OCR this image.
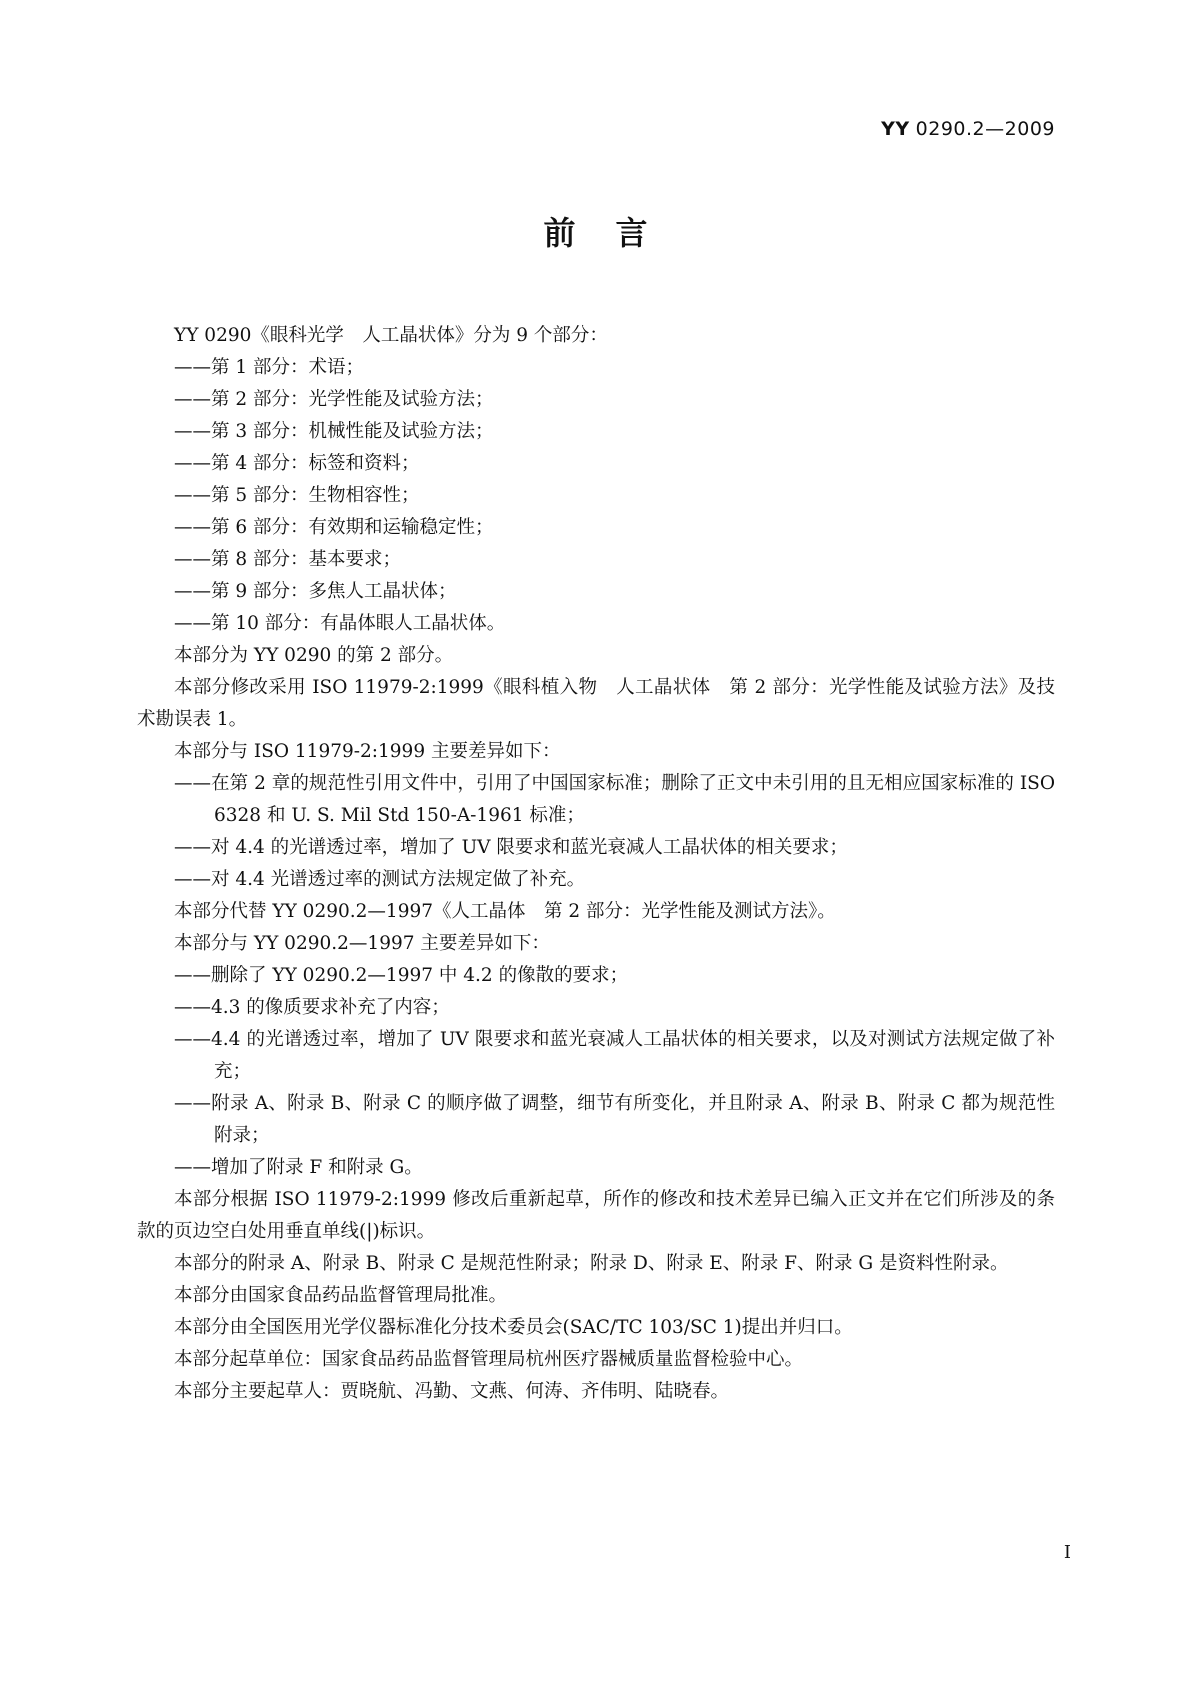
YY 0290.2—2009
前言
YY 0290《眼科光学　人工晶状体》分为 9 个部分：
——第 1 部分：术语；
——第 2 部分：光学性能及试验方法；
——第 3 部分：机械性能及试验方法；
——第 4 部分：标签和资料；
——第 5 部分：生物相容性；
——第 6 部分：有效期和运输稳定性；
——第 8 部分：基本要求；
——第 9 部分：多焦人工晶状体；
——第 10 部分：有晶体眼人工晶状体。
本部分为 YY 0290 的第 2 部分。
本部分修改采用 ISO 11979-2:1999《眼科植入物　人工晶状体　第 2 部分：光学性能及试验方法》及技术勘误表 1。
本部分与 ISO 11979-2:1999 主要差异如下：
——在第 2 章的规范性引用文件中，引用了中国国家标准；删除了正文中未引用的且无相应国家标准的 ISO 6328 和 U. S. Mil Std 150-A-1961 标准；
——对 4.4 的光谱透过率，增加了 UV 限要求和蓝光衰减人工晶状体的相关要求；
——对 4.4 光谱透过率的测试方法规定做了补充。
本部分代替 YY 0290.2—1997《人工晶体　第 2 部分：光学性能及测试方法》。
本部分与 YY 0290.2—1997 主要差异如下：
——删除了 YY 0290.2—1997 中 4.2 的像散的要求；
——4.3 的像质要求补充了内容；
——4.4 的光谱透过率，增加了 UV 限要求和蓝光衰减人工晶状体的相关要求，以及对测试方法规定做了补充；
——附录 A、附录 B、附录 C 的顺序做了调整，细节有所变化，并且附录 A、附录 B、附录 C 都为规范性附录；
——增加了附录 F 和附录 G。
本部分根据 ISO 11979-2:1999 修改后重新起草，所作的修改和技术差异已编入正文并在它们所涉及的条款的页边空白处用垂直单线(|)标识。
本部分的附录 A、附录 B、附录 C 是规范性附录；附录 D、附录 E、附录 F、附录 G 是资料性附录。
本部分由国家食品药品监督管理局批准。
本部分由全国医用光学仪器标准化分技术委员会(SAC/TC 103/SC 1)提出并归口。
本部分起草单位：国家食品药品监督管理局杭州医疗器械质量监督检验中心。
本部分主要起草人：贾晓航、冯勤、文燕、何涛、齐伟明、陆晓春。
I
